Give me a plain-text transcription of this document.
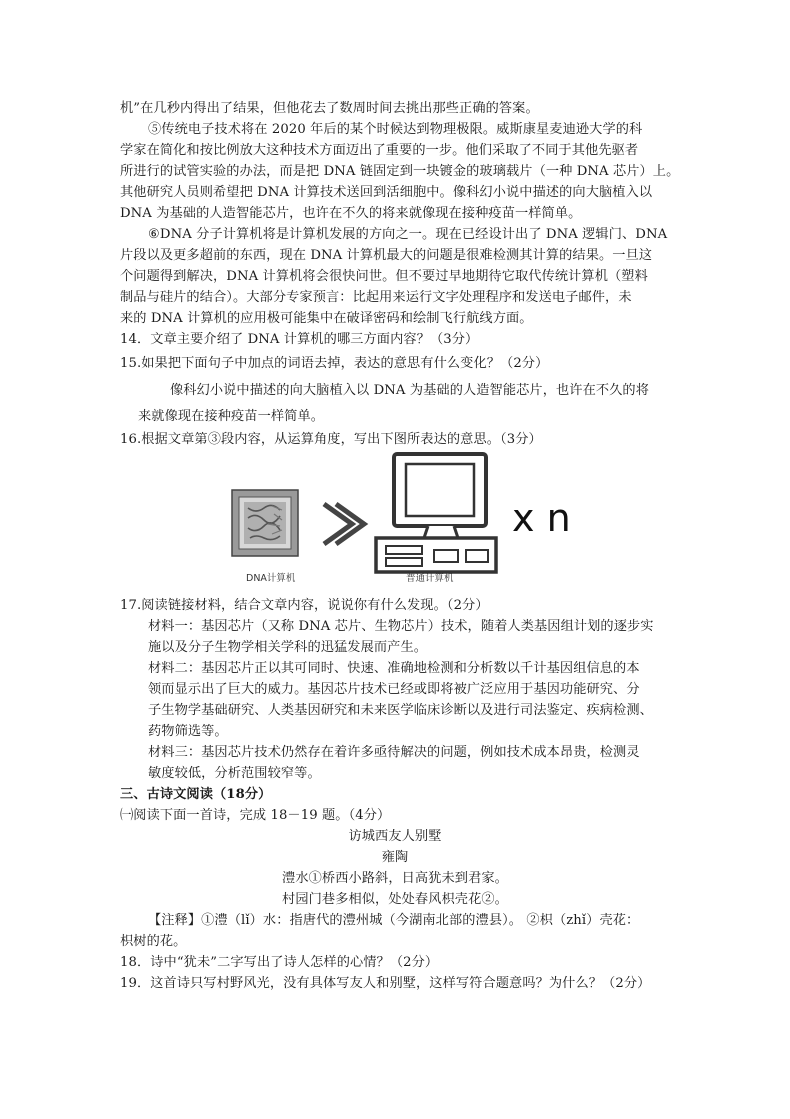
机”在几秒内得出了结果，但他花去了数周时间去挑出那些正确的答案。
⑤传统电子技术将在 2020 年后的某个时候达到物理极限。威斯康星麦迪逊大学的科
学家在简化和按比例放大这种技术方面迈出了重要的一步。他们采取了不同于其他先驱者
所进行的试管实验的办法，而是把 DNA 链固定到一块镀金的玻璃载片（一种 DNA 芯片）上。
其他研究人员则希望把 DNA 计算技术送回到活细胞中。像科幻小说中描述的向大脑植入以
DNA 为基础的人造智能芯片，也许在不久的将来就像现在接种疫苗一样简单。
⑥DNA 分子计算机将是计算机发展的方向之一。现在已经设计出了 DNA 逻辑门、DNA
片段以及更多超前的东西，现在 DNA 计算机最大的问题是很难检测其计算的结果。一旦这
个问题得到解决，DNA 计算机将会很快问世。但不要过早地期待它取代传统计算机（塑料
制品与硅片的结合）。大部分专家预言：比起用来运行文字处理程序和发送电子邮件，未
来的 DNA 计算机的应用极可能集中在破译密码和绘制飞行航线方面。
14．文章主要介绍了 DNA 计算机的哪三方面内容？（3分）
15.如果把下面句子中加点的词语去掉，表达的意思有什么变化？（2分）
像科幻小说中描述的向大脑植入以 DNA 为基础的人造智能芯片，也许在不久的将
来就像现在接种疫苗一样简单。
16.根据文章第③段内容，从运算角度，写出下图所表达的意思。（3分）
DNA计算机	普通计算机
x n
17.阅读链接材料，结合文章内容，说说你有什么发现。（2分）
材料一：基因芯片（又称 DNA 芯片、生物芯片）技术，随着人类基因组计划的逐步实
施以及分子生物学相关学科的迅猛发展而产生。
材料二：基因芯片正以其可同时、快速、准确地检测和分析数以千计基因组信息的本
领而显示出了巨大的威力。基因芯片技术已经或即将被广泛应用于基因功能研究、分
子生物学基础研究、人类基因研究和未来医学临床诊断以及进行司法鉴定、疾病检测、
药物筛选等。
材料三：基因芯片技术仍然存在着许多亟待解决的问题，例如技术成本昂贵，检测灵
敏度较低，分析范围较窄等。
三、古诗文阅读（18分）
㈠阅读下面一首诗，完成 18－19 题。（4分）
访城西友人别墅
雍陶
澧水①桥西小路斜，日高犹未到君家。
村园门巷多相似，处处春风枳壳花②。
【注释】①澧（lǐ）水：指唐代的澧州城（今湖南北部的澧县）。 ②枳（zhǐ）壳花：
枳树的花。
18．诗中“犹未”二字写出了诗人怎样的心情？（2分）
19．这首诗只写村野风光，没有具体写友人和别墅，这样写符合题意吗？为什么？（2分）
